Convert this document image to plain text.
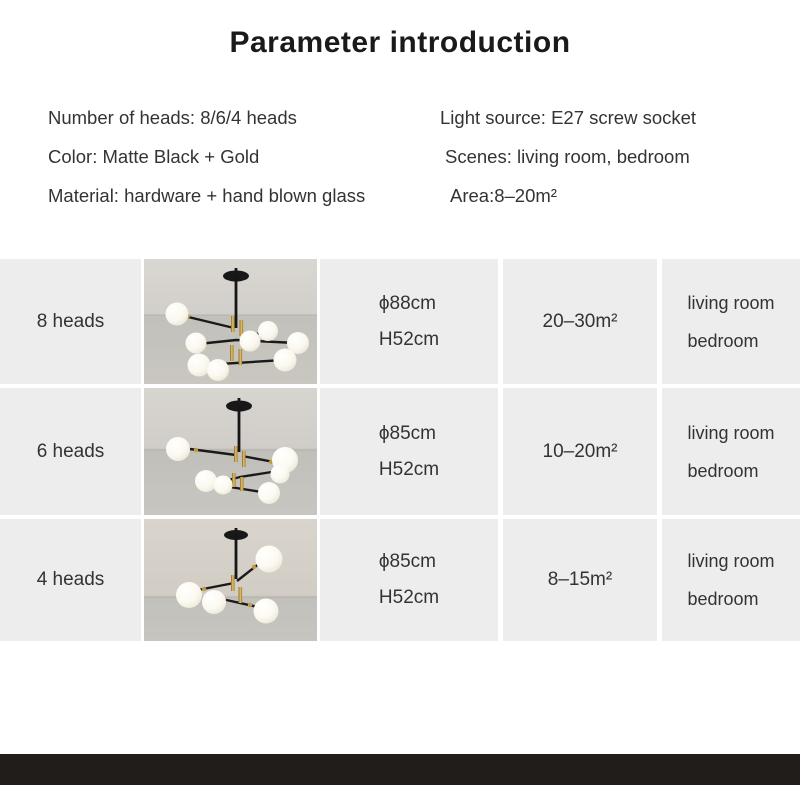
Parameter introduction

Number of heads: 8/6/4 heads

Color: Matte Black + Gold

Material: hardware + hand blown glass

Light source: E27 screw socket

Scenes: living room, bedroom

Area:8–20m²

8 heads
ϕ88cm
H52cm
20–30m²
living room
bedroom
6 heads
ϕ85cm
H52cm
10–20m²
living room
bedroom
4 heads
ϕ85cm
H52cm
8–15m²
living room
bedroom
